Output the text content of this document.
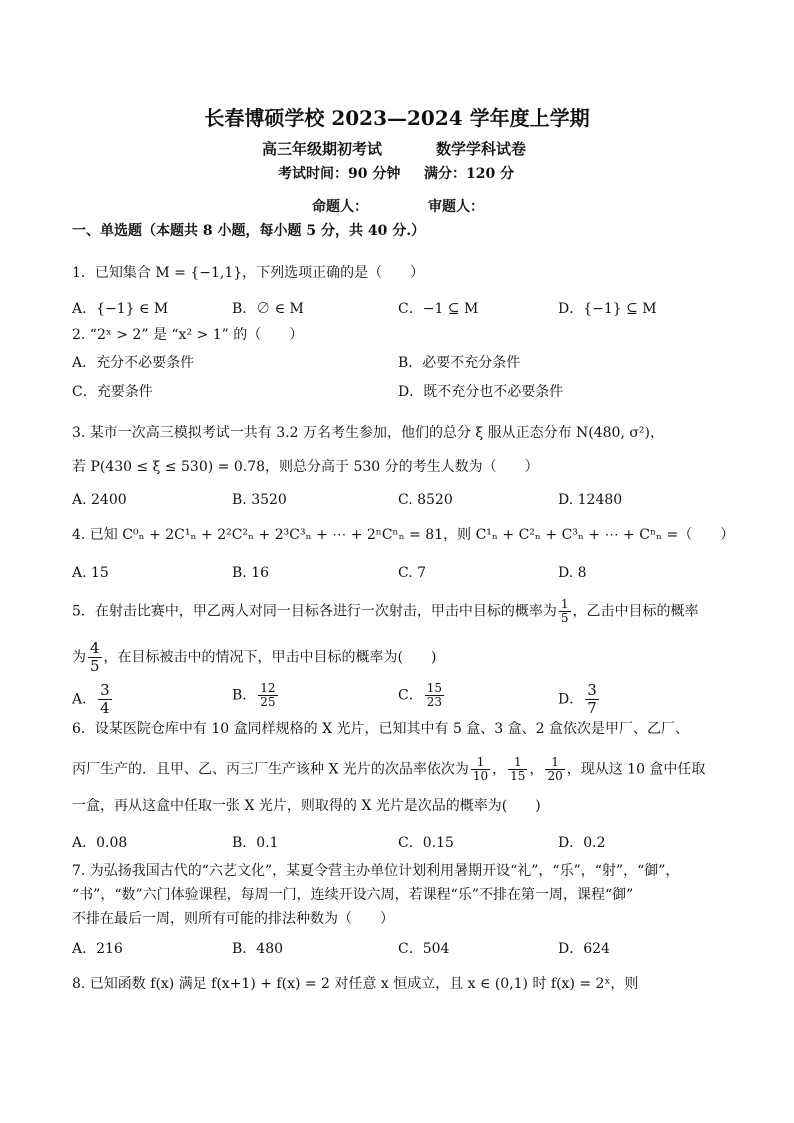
长春博硕学校 2023—2024 学年度上学期
高三年级期初考试	数学学科试卷
考试时间：90 分钟 满分：120 分
命题人：	审题人：
一、单选题（本题共 8 小题，每小题 5 分，共 40 分.）
1．已知集合 M = {−1,1}，下列选项正确的是（　　）
A．{−1} ∈ M	B．∅ ∈ M	C．−1 ⊆ M	D．{−1} ⊆ M
2. “2ˣ > 2” 是 “x² > 1” 的（　　）
A．充分不必要条件	B．必要不充分条件
C．充要条件	D．既不充分也不必要条件
3. 某市一次高三模拟考试一共有 3.2 万名考生参加，他们的总分 ξ 服从正态分布 N(480, σ²)，
若 P(430 ≤ ξ ≤ 530) = 0.78，则总分高于 530 分的考生人数为（　　）
A. 2400	B. 3520	C. 8520	D. 12480
4. 已知 C⁰ₙ + 2C¹ₙ + 2²C²ₙ + 2³C³ₙ + ⋯ + 2ⁿCⁿₙ = 81，则 C¹ₙ + C²ₙ + C³ₙ + ⋯ + Cⁿₙ =（　　）
A. 15	B. 16	C. 7	D. 8
5．在射击比赛中，甲乙两人对同一目标各进行一次射击，甲击中目标的概率为 $\frac{1}{5}$ ，乙击中目标的概率
为 $\frac{4}{5}$ ，在目标被击中的情况下，甲击中目标的概率为(　　)
A． $\frac{3}{4}$	B． $\frac{12}{25}$	C． $\frac{15}{23}$	D． $\frac{3}{7}$
6．设某医院仓库中有 10 盒同样规格的 X 光片，已知其中有 5 盒、3 盒、2 盒依次是甲厂、乙厂、
丙厂生产的．且甲、乙、丙三厂生产该种 X 光片的次品率依次为 $\frac{1}{10}$ ， $\frac{1}{15}$ ， $\frac{1}{20}$ ，现从这 10 盒中任取
一盒，再从这盒中任取一张 X 光片，则取得的 X 光片是次品的概率为(　　)
A．0.08	B．0.1	C．0.15	D．0.2
7. 为弘扬我国古代的“六艺文化”，某夏令营主办单位计划利用暑期开设“礼”，“乐”，“射”，“御”，
“书”，“数”六门体验课程，每周一门，连续开设六周，若课程“乐”不排在第一周，课程“御”
不排在最后一周，则所有可能的排法种数为（　　）
A．216	B．480	C．504	D．624
8. 已知函数 f(x) 满足 f(x+1) + f(x) = 2 对任意 x 恒成立，且 x ∈ (0,1) 时 f(x) = 2ˣ，则
